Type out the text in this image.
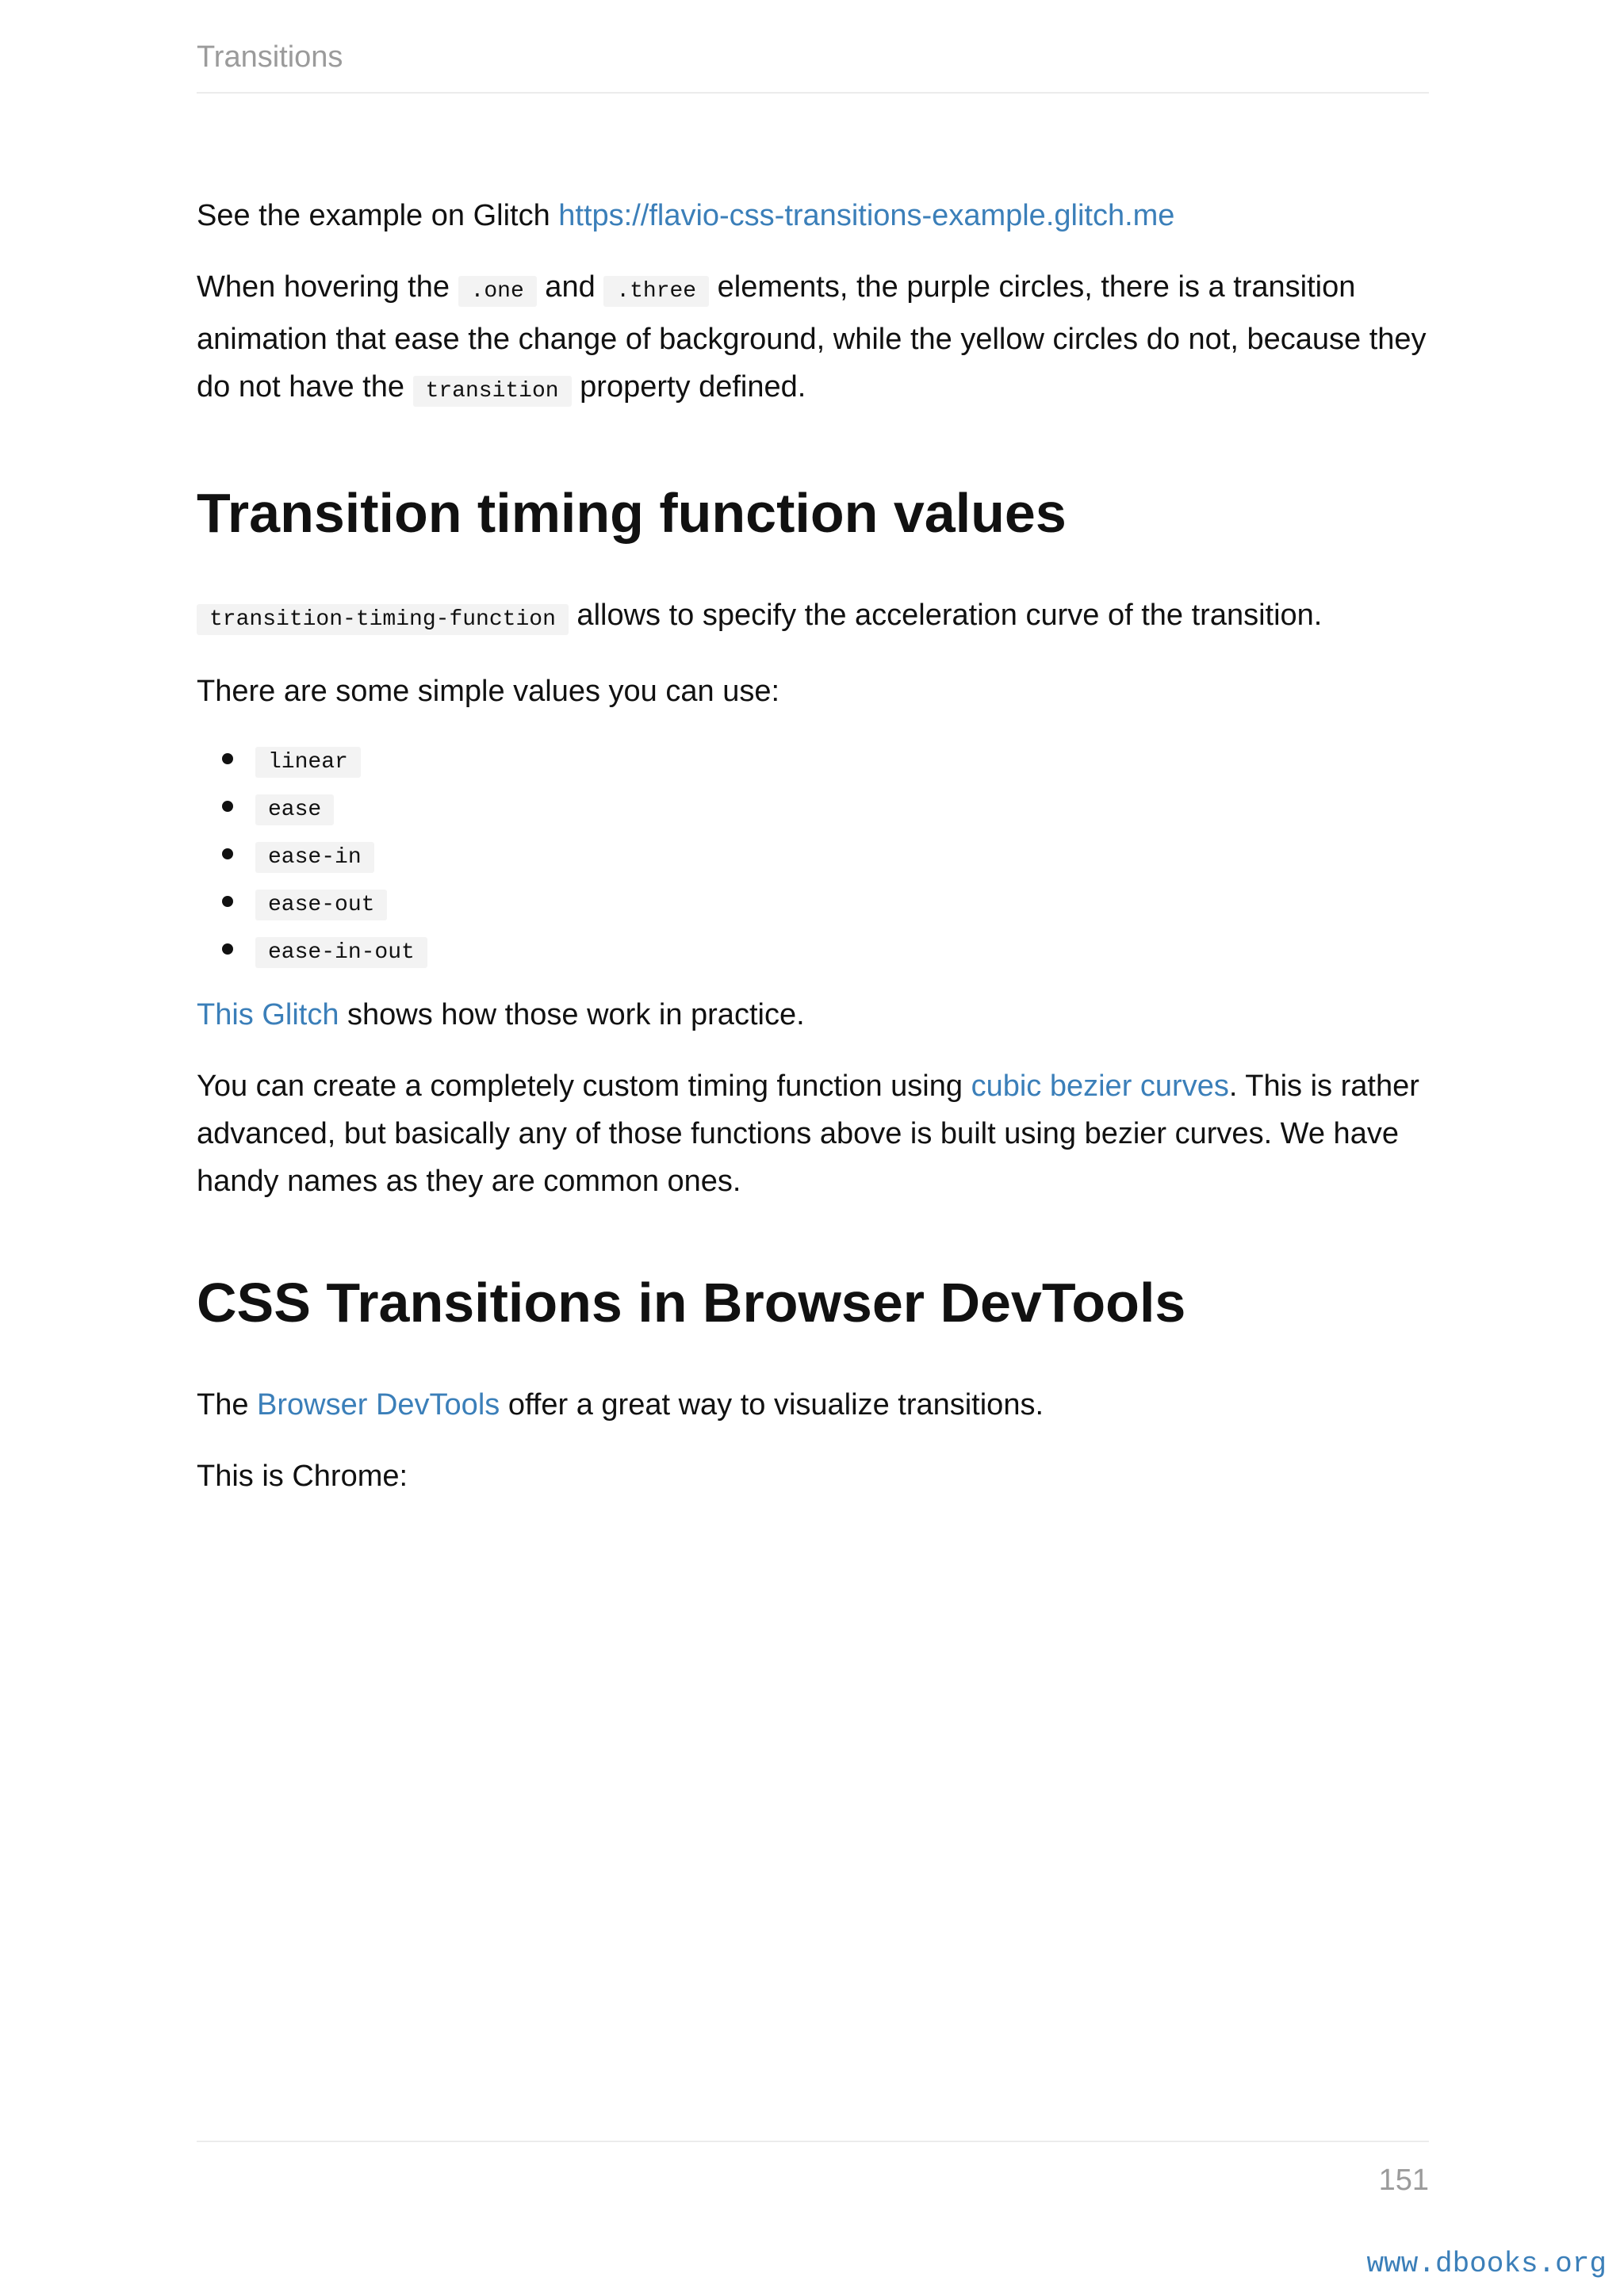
Transitions

See the example on Glitch https://flavio-css-transitions-example.glitch.me

When hovering the .one and .three elements, the purple circles, there is a transition animation that ease the change of background, while the yellow circles do not, because they do not have the transition property defined.

Transition timing function values

transition-timing-function allows to specify the acceleration curve of the transition.

There are some simple values you can use:

linear
ease
ease-in
ease-out
ease-in-out

This Glitch shows how those work in practice.

You can create a completely custom timing function using cubic bezier curves. This is rather advanced, but basically any of those functions above is built using bezier curves. We have handy names as they are common ones.

CSS Transitions in Browser DevTools

The Browser DevTools offer a great way to visualize transitions.

This is Chrome:

151
www.dbooks.org
